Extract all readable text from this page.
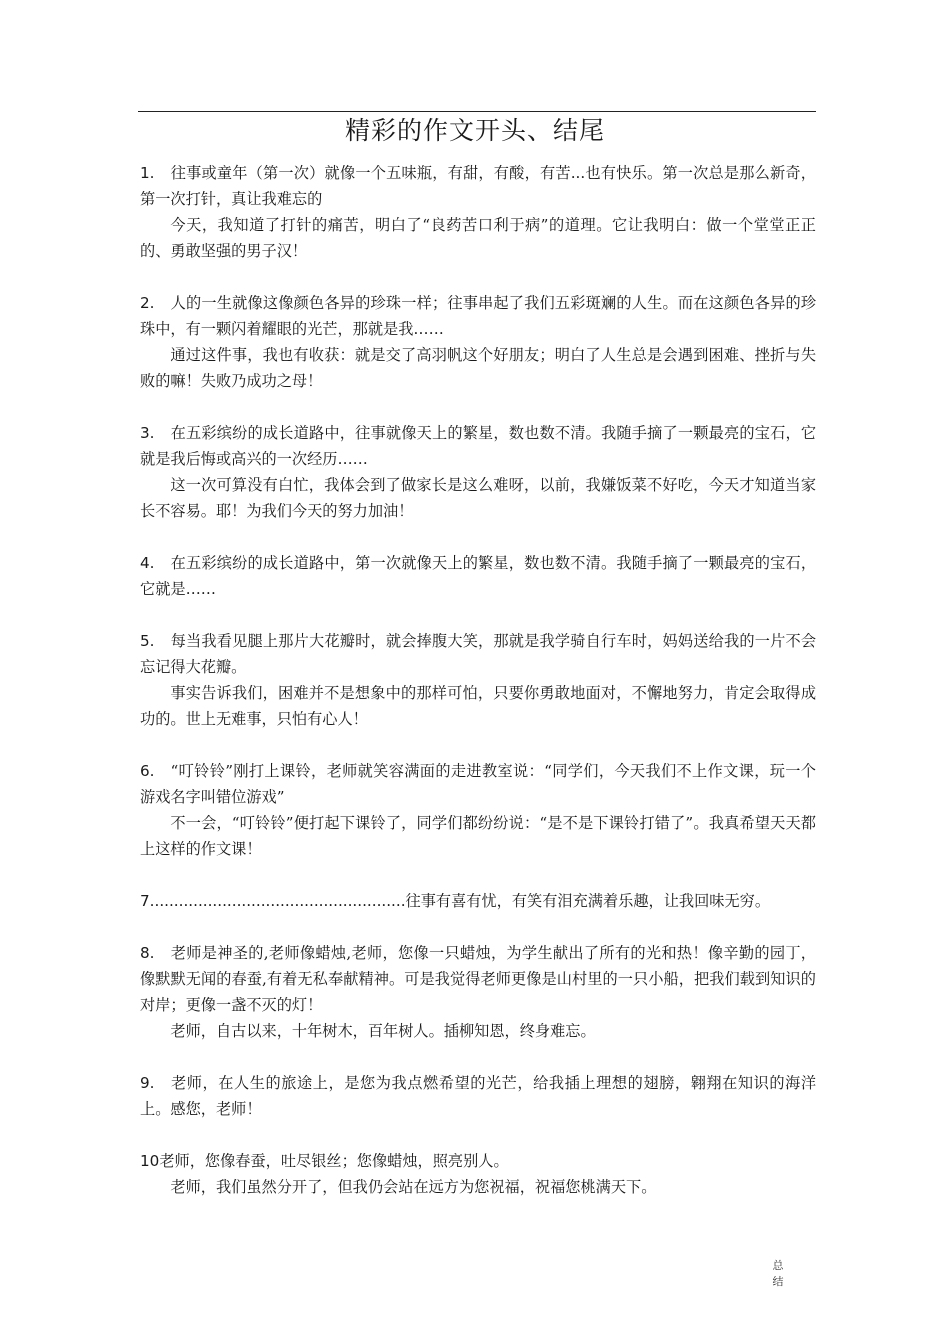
精彩的作文开头、结尾

1. 往事或童年（第一次）就像一个五味瓶，有甜，有酸，有苦...也有快乐。第一次总是那么新奇，第一次打针，真让我难忘的

今天，我知道了打针的痛苦，明白了“良药苦口利于病”的道理。它让我明白：做一个堂堂正正的、勇敢坚强的男子汉！

2. 人的一生就像这像颜色各异的珍珠一样；往事串起了我们五彩斑斓的人生。而在这颜色各异的珍珠中，有一颗闪着耀眼的光芒，那就是我……

通过这件事，我也有收获：就是交了高羽帆这个好朋友；明白了人生总是会遇到困难、挫折与失败的嘛！失败乃成功之母！

3. 在五彩缤纷的成长道路中，往事就像天上的繁星，数也数不清。我随手摘了一颗最亮的宝石，它就是我后悔或高兴的一次经历……

这一次可算没有白忙，我体会到了做家长是这么难呀，以前，我嫌饭菜不好吃，今天才知道当家长不容易。耶！为我们今天的努力加油！

4. 在五彩缤纷的成长道路中，第一次就像天上的繁星，数也数不清。我随手摘了一颗最亮的宝石，它就是……

5. 每当我看见腿上那片大花瓣时，就会捧腹大笑，那就是我学骑自行车时，妈妈送给我的一片不会忘记得大花瓣。

事实告诉我们，困难并不是想象中的那样可怕，只要你勇敢地面对，不懈地努力，肯定会取得成功的。世上无难事，只怕有心人！

6. “叮铃铃”刚打上课铃，老师就笑容满面的走进教室说：“同学们，今天我们不上作文课，玩一个游戏名字叫错位游戏”

不一会，“叮铃铃”便打起下课铃了，同学们都纷纷说：“是不是下课铃打错了”。我真希望天天都上这样的作文课！

7.....................................................往事有喜有忧，有笑有泪充满着乐趣，让我回味无穷。

8. 老师是神圣的,老师像蜡烛,老师，您像一只蜡烛，为学生献出了所有的光和热！像辛勤的园丁，像默默无闻的春蚕,有着无私奉献精神。可是我觉得老师更像是山村里的一只小船，把我们载到知识的对岸；更像一盏不灭的灯！

老师，自古以来，十年树木，百年树人。插柳知恩，终身难忘。

9. 老师，在人生的旅途上，是您为我点燃希望的光芒，给我插上理想的翅膀，翱翔在知识的海洋上。感您，老师！

10老师，您像春蚕，吐尽银丝；您像蜡烛，照亮别人。

老师，我们虽然分开了，但我仍会站在远方为您祝福，祝福您桃满天下。

总
结
